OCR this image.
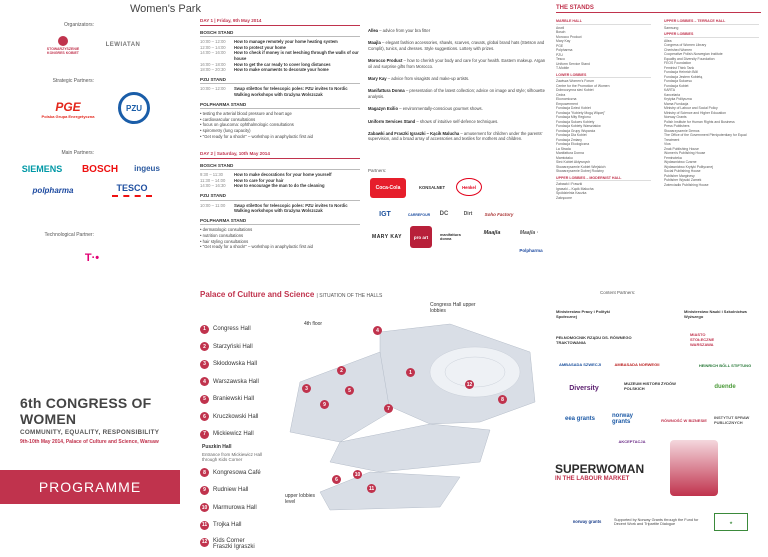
Women's Park
Organizators:
STOWARZYSZENIE KONGRES KOBIET
LEWIATAN
Strategic Partners:
PGE
Polska Grupa Energetyczna
PZU
Main Partners:
SIEMENS BOSCH ingeus
polpharma	TESCO
Technological Partner:
T·•
DAY 1 | Friday, 9th May 2014
BOSCH STAND
10:00 – 12:00	How to manage remotely your home heating system
12:00 – 14:00	How to protect your home
14:00 – 16:00	How to check if money is not leeching through the walls of our house
16:00 – 18:00	How to get the car ready to cover long distances
18:00 – 20:30	How to make ornaments to decorate your home
PZU STAND
10:00 – 12:00	Swap stilettos for telescopic poles: PZU invites to Nordic Walking workshops with Grażyna Wolszczak
POLPHARMA STAND
• testing the arterial blood pressure and heart age
• cardiovascular consultations
• focus on glaucoma: ophthalmologic consultations
• spirometry (lung capacity)
• "Get ready for a shock!" – workshop in anaphylactic first aid
DAY 2 | Saturday, 10th May 2014
BOSCH STAND
9:30 – 11:30	How to make decorations for your home yourself
11:30 – 14:00	How to care for your hair
14:00 – 16:30	How to encourage the man to do the cleaning
PZU STAND
10:00 – 11:00	Swap stilettos for telescopic poles: PZU invites to Nordic Walking workshops with Grażyna Wolszczak
POLPHARMA STAND
• dermatologic consultations
• nutrition consultations
• hair styling consultations
• "Get ready for a shock!" – workshop in anaphylactic first aid

Allea – advice from your bra fitter

Maajla – elegant fashion accessories, shawls, scarves, cravats, global brand hats (Stetson and Complit), tunics, and dresses. Style suggestions. Lottery with prizes.

Morocco Product – how to cherish your body and care for your health. Eastern makeup. Argan oil and surprise gifts from Morocco.

Mary Kay – advice from visagists and make-up artists.

Manifattura Donna – presentation of the latest collection; advice on image and style; silhouette analysis.

Magazyn Exilio – environmentally-conscious gourmet shows.

Uniform Services Stand – shows of intuitive self-defence techniques.

Zabawki and Fraszki Igraszki – Kącik Malucha – amusement for children under the parents' supervision, and a broad array of accessories and textiles for mothers and children.

Partners:
Coca-Cola	KONSALNET	Henkel
IGT	CARREFOUR DC	Dirt	Soho Factory
MARY KAY	pro art	manifattura donna
Maajla	Maajla ·
Polpharma
THE STANDS
MARBLE HALL
Anwil
Bosch
Morocco Product
Mary Kay
PGE
Polpharma
PZU
Tesco
Uniform Service Stand
T-Mobile
LOWER LOBBIES
Zawisza Women's Forum
Centre for the Promotion of Women
Dobroczynna sieć Kobiet
Cedra
Ekonomiczna
Empowerment
Fundacja Dzieci Kobiet
Fundacja "Kobiety Mogą Więcej"
Fundacja Mity Regionu
Fundacja Sukces Kobiety
Fundacja Kobiety Warsztatów
Fundacja Grupy Wsparcia
Fundacja Dla Kobiet
Fundacja Zmiany
Fundacja Ekologiczna
La Strada
Manifattura Donna
Mamtotaku
Sieć Kobiet Aktywnych
Stowarzyszenie Kobiet Wiejskich
Stowarzyszenie Dobrej Rodziny
UPPER LOBBIES – MODERNIST HALL
Zabawki i Fraszki
Igraszki – Kącik Malucha
Spółdzielnia Kaczka
Zakręcone
UPPER LOBBIES – TERRACE HALL
Samsung
UPPER LOBBIES
Allea
Congress of Women Library
Cherished Women
Cooperative Polish-Norwegian Institute
Equality and Diversity Foundation
FEOS Foundation
Feminist Think Tank
Fundacja Heinrich Böll
Fundacja Jestem Kobietą
Fundacja Sukcesu
Fundacja Kobiet
KARTA
Kancelaria
Krytyka Polityczna
Mama Fundacja
Ministry of Labour and Social Policy
Ministry of Science and Higher Education
Norway Grants
Polish Institute for Human Rights and Business
Press Publishers
Stowarzyszenie Demos
The Office of the Government Plenipotentiary for Equal Treatment
Viva
Znak Publishing House
Women's Publishing House
Feminoteka
Wydawnictwo Czarne
Wydawnictwo Krytyki Politycznej
Social Publishing House
Publisher Marginesy
Publisher Wysoki Zamek
Zwierciadło Publishing House
Palace of Culture and Science | SITUATION OF THE HALLS
4th floor
Congress Hall upper lobbies
upper lobbies level
1	Congress Hall
2	Starzyński Hall
3	Skłodowska Hall
4	Warszawska Hall
5	Braniewski Hall
6	Kruczkowski Hall
7	Mickiewicz Hall
Puszkin Hall
Entrance from Mickiewicz Hall through Kids Corner
8	Kongresowa Café
9	Rudniew Hall
10 Marmurowa Hall
11 Trojka Hall
12 Kids Corner Fraszki Igraszki
4
2	1
3	5
12
9
7
8
10
6
11
6th CONGRESS OF WOMEN
COMMUNITY, EQUALITY, RESPONSIBILITY
9th-10th May 2014, Palace of Culture and Science, Warsaw
PROGRAMME
Content Partners:
Ministerstwo Pracy i Polityki Społecznej
Ministerstwo Nauki i Szkolnictwa Wyższego
PEŁNOMOCNIK RZĄDU DS. RÓWNEGO TRAKTOWANIA
MIASTO STOŁECZNE WARSZAWA
AMBASADA SZWECJI	AMBASADA NORWEGII	HEINRICH BÖLL STIFTUNG
Diversity
MUZEUM HISTORII ŻYDÓW POLSKICH	duende
eea grants	norway grants	RÓWNOŚĆ W BIZNESIE INSTYTUT SPRAW PUBLICZNYCH
AKCEPTACJA
SUPERWOMAN
IN THE LABOUR MARKET
norway grants	Supported by Norway Grants through the Fund for Decent Work and Tripartite Dialogue	★
